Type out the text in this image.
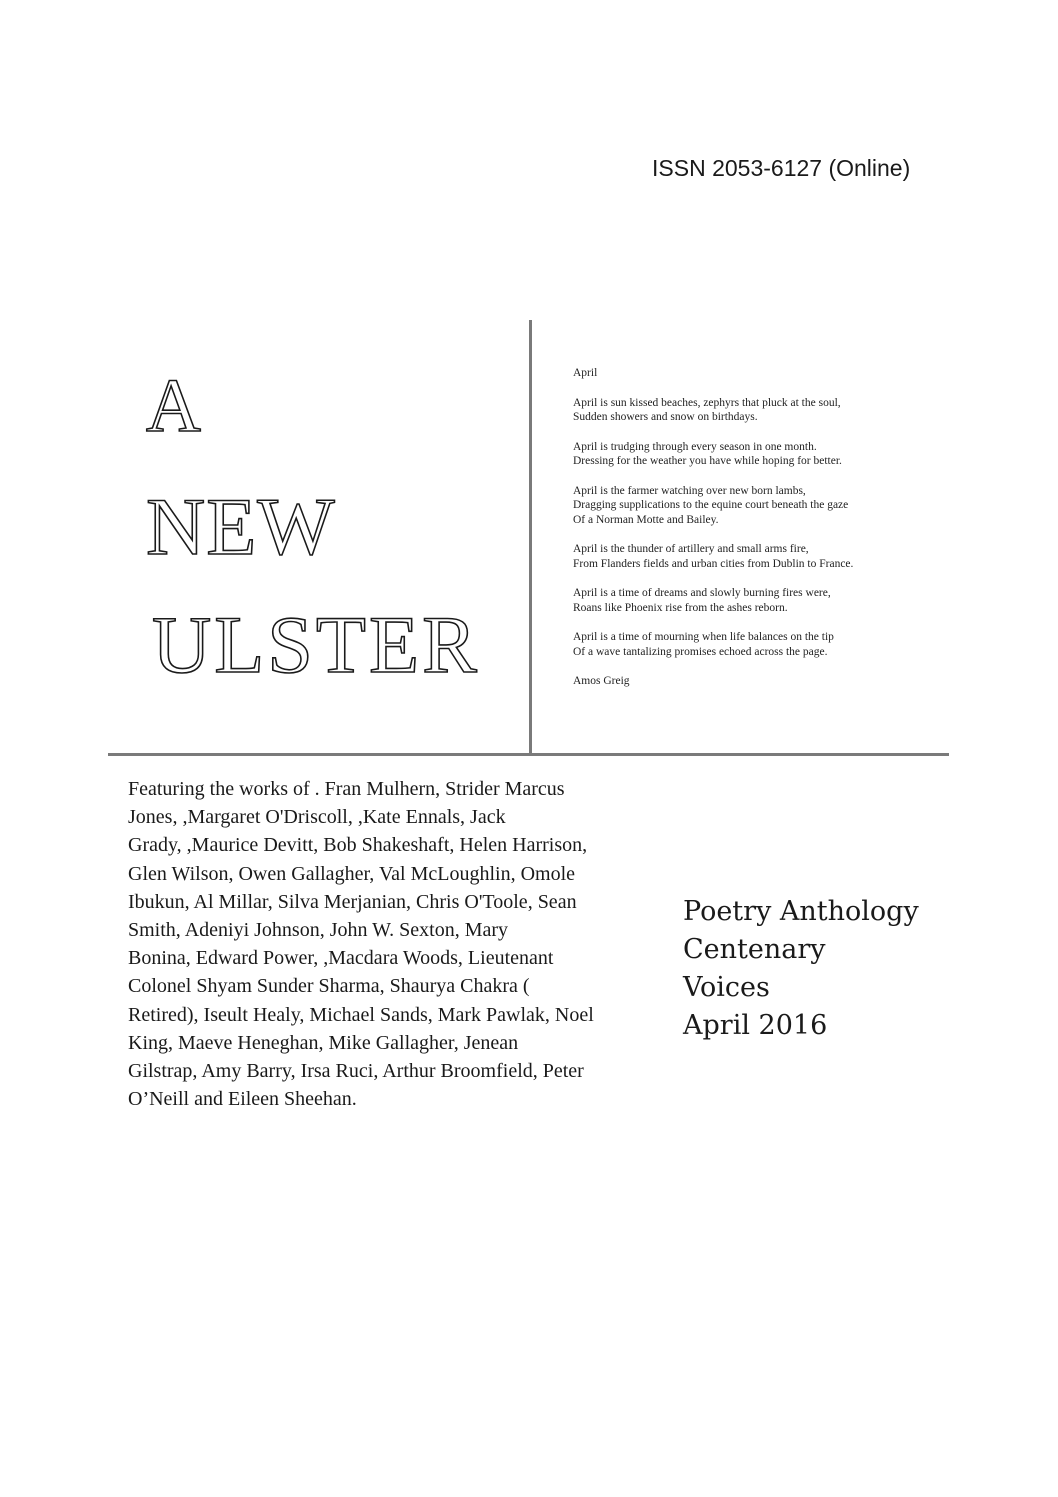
ISSN 2053-6127 (Online)
A
NEW
ULSTER
April
April is sun kissed beaches, zephyrs that pluck at the soul,
Sudden showers and snow on birthdays.
April is trudging through every season in one month.
Dressing for the weather you have while hoping for better.
April is the farmer watching over new born lambs,
Dragging supplications to the equine court beneath the gaze
Of a Norman Motte and Bailey.
April is the thunder of artillery and small arms fire,
From Flanders fields and urban cities from Dublin to France.
April is a time of dreams and slowly burning fires were,
Roans like Phoenix rise from the ashes reborn.
April is a time of mourning when life balances on the tip
Of a wave tantalizing promises echoed across the page.
Amos Greig
Featuring the works of . Fran Mulhern, Strider Marcus
Jones, ,Margaret O'Driscoll, ,Kate Ennals, Jack
Grady, ,Maurice Devitt, Bob Shakeshaft, Helen Harrison,
Glen Wilson, Owen Gallagher, Val McLoughlin, Omole
Ibukun, Al Millar, Silva Merjanian, Chris O'Toole, Sean
Smith, Adeniyi Johnson, John W. Sexton, Mary
Bonina, Edward Power, ,Macdara Woods, Lieutenant
Colonel Shyam Sunder Sharma, Shaurya Chakra (
Retired), Iseult Healy, Michael Sands, Mark Pawlak, Noel
King, Maeve Heneghan, Mike Gallagher, Jenean
Gilstrap, Amy Barry, Irsa Ruci, Arthur Broomfield, Peter
O’Neill and Eileen Sheehan.
Poetry Anthology
Centenary
Voices
April 2016
